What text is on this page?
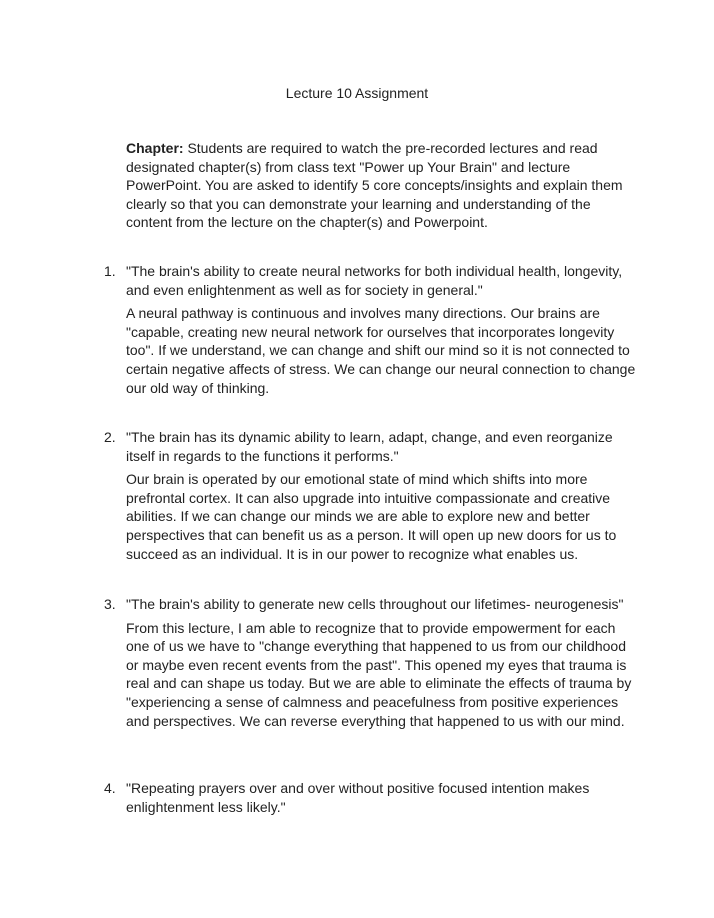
Lecture 10 Assignment
Chapter: Students are required to watch the pre-recorded lectures and read designated chapter(s) from class text "Power up Your Brain" and lecture PowerPoint. You are asked to identify 5 core concepts/insights and explain them clearly so that you can demonstrate your learning and understanding of the content from the lecture on the chapter(s) and Powerpoint.
1. "The brain's ability to create neural networks for both individual health, longevity, and even enlightenment as well as for society in general."
A neural pathway is continuous and involves many directions. Our brains are "capable, creating new neural network for ourselves that incorporates longevity too". If we understand, we can change and shift our mind so it is not connected to certain negative affects of stress. We can change our neural connection to change our old way of thinking.
2. "The brain has its dynamic ability to learn, adapt, change, and even reorganize itself in regards to the functions it performs."
Our brain is operated by our emotional state of mind which shifts into more prefrontal cortex. It can also upgrade into intuitive compassionate and creative abilities. If we can change our minds we are able to explore new and better perspectives that can benefit us as a person. It will open up new doors for us to succeed as an individual. It is in our power to recognize what enables us.
3. "The brain's ability to generate new cells throughout our lifetimes- neurogenesis"
From this lecture, I am able to recognize that to provide empowerment for each one of us we have to "change everything that happened to us from our childhood or maybe even recent events from the past". This opened my eyes that trauma is real and can shape us today. But we are able to eliminate the effects of trauma by "experiencing a sense of calmness and peacefulness from positive experiences and perspectives. We can reverse everything that happened to us with our mind.
4. "Repeating prayers over and over without positive focused intention makes enlightenment less likely."
